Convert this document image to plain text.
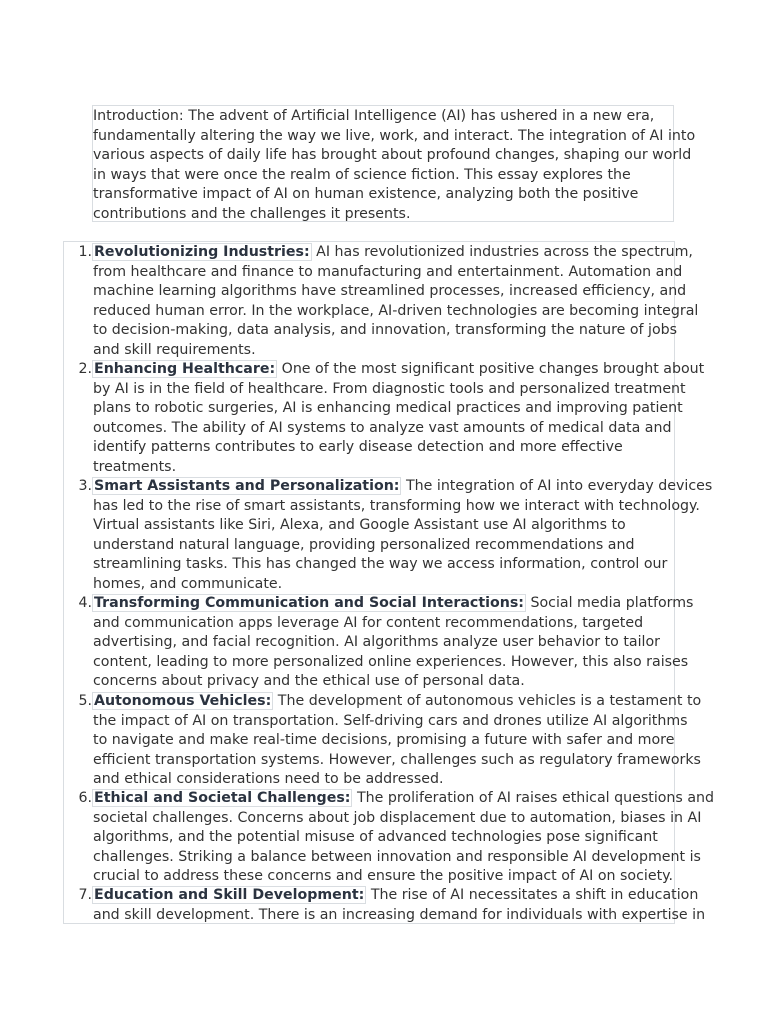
Introduction: The advent of Artificial Intelligence (AI) has ushered in a new era,
fundamentally altering the way we live, work, and interact. The integration of AI into
various aspects of daily life has brought about profound changes, shaping our world
in ways that were once the realm of science fiction. This essay explores the
transformative impact of AI on human existence, analyzing both the positive
contributions and the challenges it presents.
1. Revolutionizing Industries: AI has revolutionized industries across the spectrum,
from healthcare and finance to manufacturing and entertainment. Automation and
machine learning algorithms have streamlined processes, increased efficiency, and
reduced human error. In the workplace, AI-driven technologies are becoming integral
to decision-making, data analysis, and innovation, transforming the nature of jobs
and skill requirements.
2. Enhancing Healthcare: One of the most significant positive changes brought about
by AI is in the field of healthcare. From diagnostic tools and personalized treatment
plans to robotic surgeries, AI is enhancing medical practices and improving patient
outcomes. The ability of AI systems to analyze vast amounts of medical data and
identify patterns contributes to early disease detection and more effective
treatments.
3. Smart Assistants and Personalization: The integration of AI into everyday devices
has led to the rise of smart assistants, transforming how we interact with technology.
Virtual assistants like Siri, Alexa, and Google Assistant use AI algorithms to
understand natural language, providing personalized recommendations and
streamlining tasks. This has changed the way we access information, control our
homes, and communicate.
4. Transforming Communication and Social Interactions: Social media platforms
and communication apps leverage AI for content recommendations, targeted
advertising, and facial recognition. AI algorithms analyze user behavior to tailor
content, leading to more personalized online experiences. However, this also raises
concerns about privacy and the ethical use of personal data.
5. Autonomous Vehicles: The development of autonomous vehicles is a testament to
the impact of AI on transportation. Self-driving cars and drones utilize AI algorithms
to navigate and make real-time decisions, promising a future with safer and more
efficient transportation systems. However, challenges such as regulatory frameworks
and ethical considerations need to be addressed.
6. Ethical and Societal Challenges: The proliferation of AI raises ethical questions and
societal challenges. Concerns about job displacement due to automation, biases in AI
algorithms, and the potential misuse of advanced technologies pose significant
challenges. Striking a balance between innovation and responsible AI development is
crucial to address these concerns and ensure the positive impact of AI on society.
7. Education and Skill Development: The rise of AI necessitates a shift in education
and skill development. There is an increasing demand for individuals with expertise in
